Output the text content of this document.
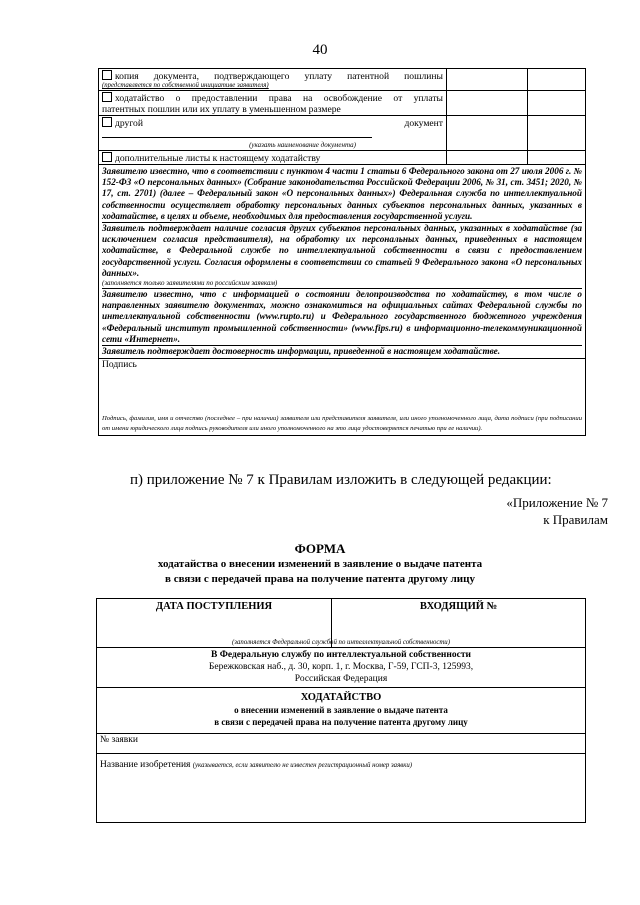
40
копия документа, подтверждающего уплату патентной пошлины
(представляется по собственной инициативе заявителя)
ходатайство о предоставлении права на освобождение от уплаты
патентных пошлин или их уплату в уменьшенном размере
другой документ
(указать наименование документа)
дополнительные листы к настоящему ходатайству
Заявителю известно, что в соответствии с пунктом 4 части 1 статьи 6 Федерального закона от 27 июля 2006 г. № 152-ФЗ «О персональных данных» (Собрание законодательства Российской Федерации 2006, № 31, ст. 3451; 2020, № 17, ст. 2701) (далее – Федеральный закон «О персональных данных») Федеральная служба по интеллектуальной собственности осуществляет обработку персональных данных субъектов персональных данных, указанных в ходатайстве, в целях и объеме, необходимых для предоставления государственной услуги.
Заявитель подтверждает наличие согласия других субъектов персональных данных, указанных в ходатайстве (за исключением согласия представителя), на обработку их персональных данных, приведенных в настоящем ходатайстве, в Федеральной службе по интеллектуальной собственности в связи с предоставлением государственной услуги. Согласия оформлены в соответствии со статьей 9 Федерального закона «О персональных данных».
(заполняется только заявителями по российским заявкам)
Заявителю известно, что с информацией о состоянии делопроизводства по ходатайству, в том числе о направленных заявителю документах, можно ознакомиться на официальных сайтах Федеральной службы по интеллектуальной собственности (www.rupto.ru) и Федерального государственного бюджетного учреждения «Федеральный институт промышленной собственности» (www.fips.ru) в информационно-телекоммуникационной сети «Интернет».
Заявитель подтверждает достоверность информации, приведенной в настоящем ходатайстве.
Подпись
Подпись, фамилия, имя и отчество (последнее – при наличии) заявителя или представителя заявителя, или иного уполномоченного лица, дата подписи (при подписании от имени юридического лица подпись руководителя или иного уполномоченного на это лица удостоверяется печатью при ее наличии).
п) приложение № 7 к Правилам изложить в следующей редакции:
«Приложение № 7
к Правилам
ФОРМА
ходатайства о внесении изменений в заявление о выдаче патента
в связи с передачей права на получение патента другому лицу
ДАТА ПОСТУПЛЕНИЯ	ВХОДЯЩИЙ №
(заполняется Федеральной службой по интеллектуальной собственности)
В Федеральную службу по интеллектуальной собственности
Бережковская наб., д. 30, корп. 1, г. Москва, Г-59, ГСП-3, 125993,
Российская Федерация
ХОДАТАЙСТВО
о внесении изменений в заявление о выдаче патента
в связи с передачей права на получение патента другому лицу
№ заявки
Название изобретения (указывается, если заявителю не известен регистрационный номер заявки)
